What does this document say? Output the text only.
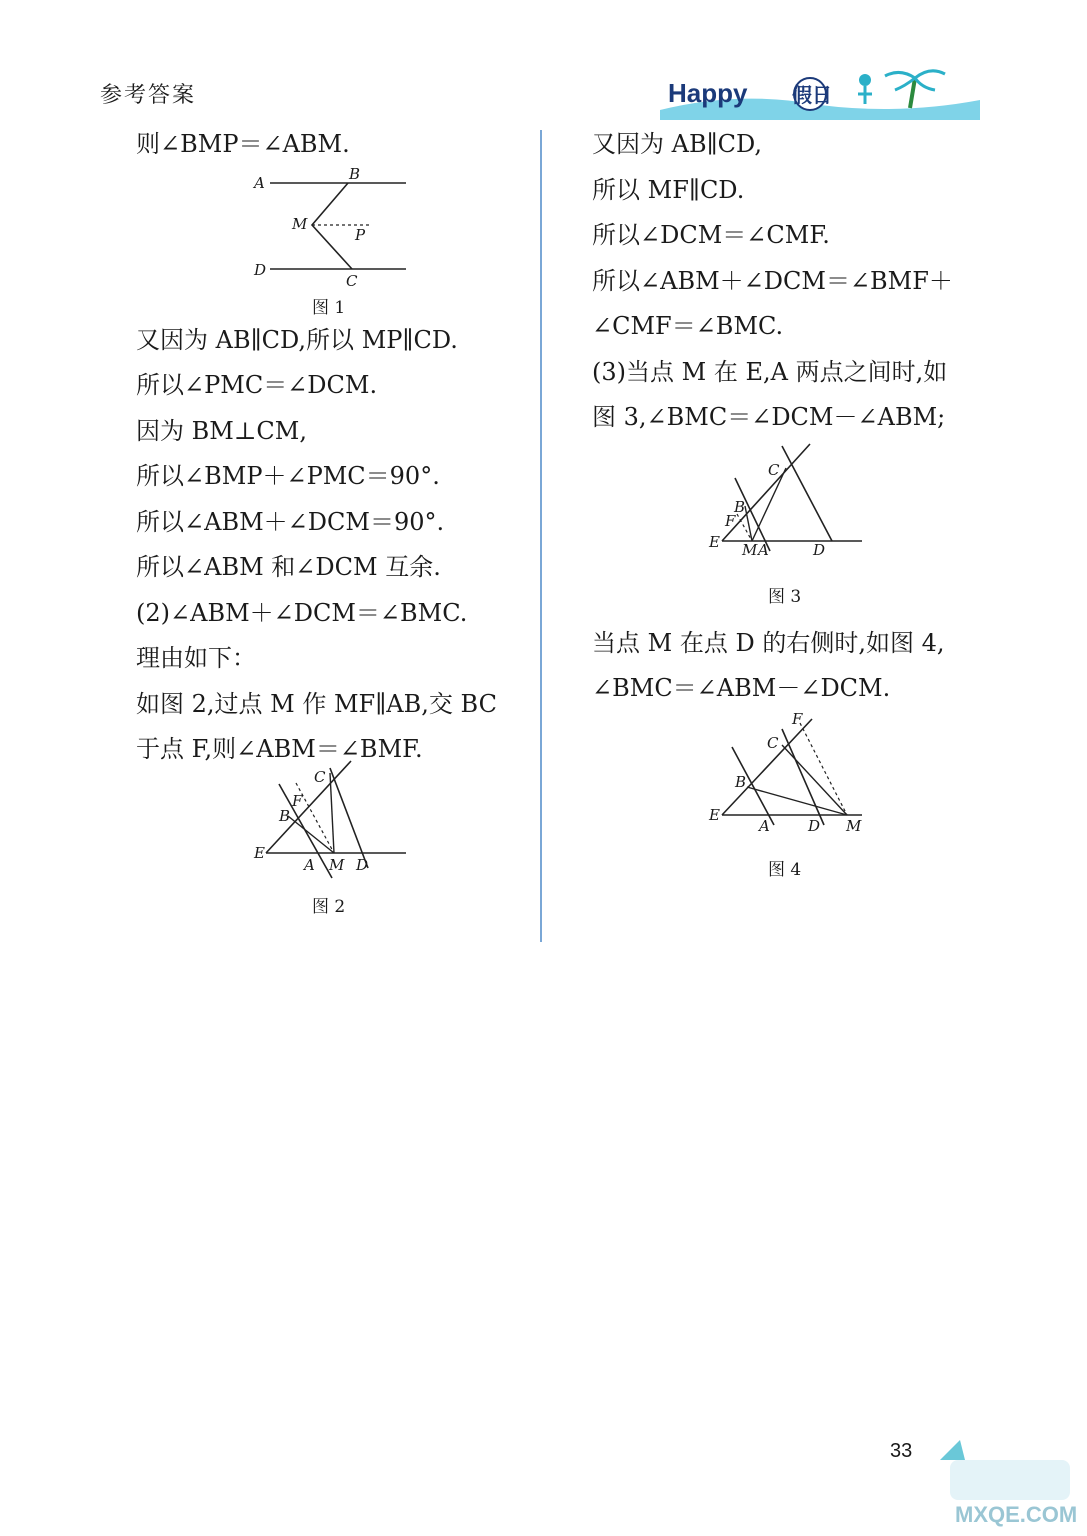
参考答案	Happy 假日
则∠BMP＝∠ABM.
A	B
M
P
D
C
图 1
又因为 AB∥CD,所以 MP∥CD.
所以∠PMC＝∠DCM.
因为 BM⊥CM,
所以∠BMP＋∠PMC＝90°.
所以∠ABM＋∠DCM＝90°.
所以∠ABM 和∠DCM 互余.
(2)∠ABM＋∠DCM＝∠BMC.
理由如下：
如图 2,过点 M 作 MF∥AB,交 BC
于点 F,则∠ABM＝∠BMF.
C
F
B
E
A M D
图 2
又因为 AB∥CD,
所以 MF∥CD.
所以∠DCM＝∠CMF.
所以∠ABM＋∠DCM＝∠BMF＋
∠CMF＝∠BMC.
(3)当点 M 在 E,A 两点之间时,如
图 3,∠BMC＝∠DCM－∠ABM;
C
B
F
E M A	D
图 3
当点 M 在点 D 的右侧时,如图 4,
∠BMC＝∠ABM－∠DCM.
F
C
B
E
A	D M
图 4
33
MXQE.COM
